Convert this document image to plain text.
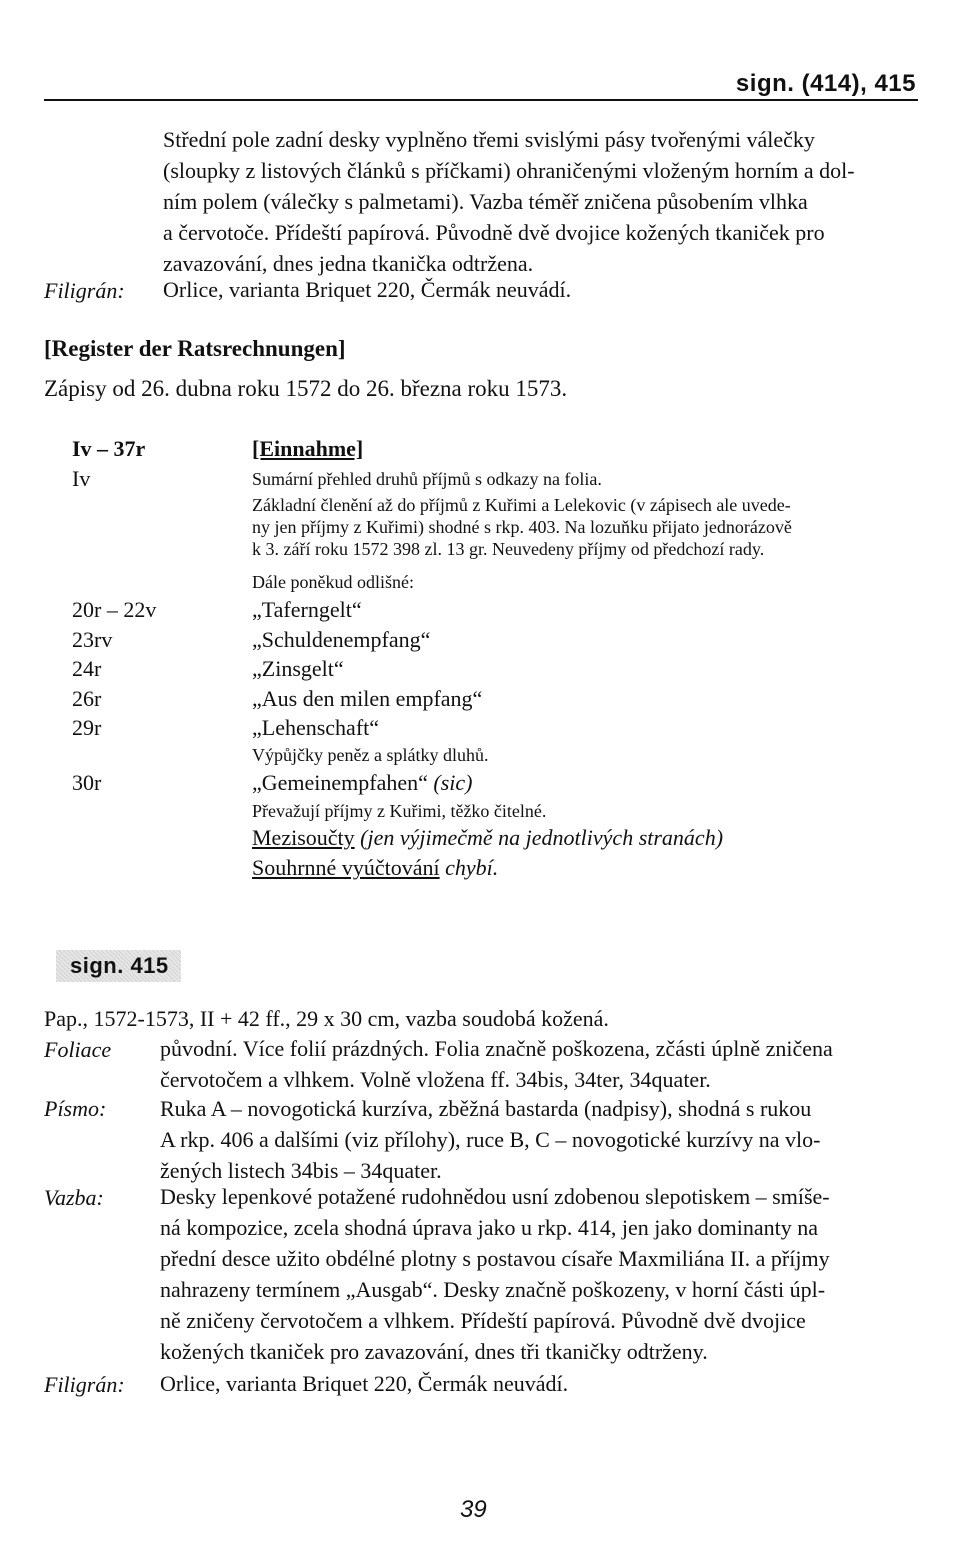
sign. (414), 415
Střední pole zadní desky vyplněno třemi svislými pásy tvořenými válečky
(sloupky z listových článků s příčkami) ohraničenými vloženým horním a dol-
ním polem (válečky s palmetami). Vazba téměř zničena působením vlhka
a červotoče. Přídeští papírová. Původně dvě dvojice kožených tkaniček pro
zavazování, dnes jedna tkanička odtržena.
Filigrán: Orlice, varianta Briquet 220, Čermák neuvádí.
[Register der Ratsrechnungen]
Zápisy od 26. dubna roku 1572 do 26. března roku 1573.
Iv – 37r	[Einnahme]
Iv	Sumární přehled druhů příjmů s odkazy na folia.
Základní členění až do příjmů z Kuřimi a Lelekovic (v zápisech ale uvede-
ny jen příjmy z Kuřimi) shodné s rkp. 403. Na lozuňku přijato jednorázově
k 3. září roku 1572 398 zl. 13 gr. Neuvedeny příjmy od předchozí rady.
Dále poněkud odlišné:
20r – 22v	„Taferngelt“
23rv	„Schuldenempfang“
24r	„Zinsgelt“
26r	„Aus den milen empfang“
29r	„Lehenschaft“
Výpůjčky peněz a splátky dluhů.
30r	„Gemeinempfahen“ (sic)
Převažují příjmy z Kuřimi, těžko čitelné.
Mezisoučty (jen výjimečmě na jednotlivých stranách)
Souhrnné vyúčtování chybí.
sign. 415
Pap., 1572-1573, II + 42 ff., 29 x 30 cm, vazba soudobá kožená.
Foliace původní. Více folií prázdných. Folia značně poškozena, zčásti úplně zničena
červotočem a vlhkem. Volně vložena ff. 34bis, 34ter, 34quater.
Písmo: Ruka A – novogotická kurzíva, zběžná bastarda (nadpisy), shodná s rukou
A rkp. 406 a dalšími (viz přílohy), ruce B, C – novogotické kurzívy na vlo-
žených listech 34bis – 34quater.
Vazba:	Desky lepenkové potažené rudohnědou usní zdobenou slepotiskem – smíše-
ná kompozice, zcela shodná úprava jako u rkp. 414, jen jako dominanty na
přední desce užito obdélné plotny s postavou císaře Maxmiliána II. a příjmy
nahrazeny termínem „Ausgab“. Desky značně poškozeny, v horní části úpl-
ně zničeny červotočem a vlhkem. Přídeští papírová. Původně dvě dvojice
kožených tkaniček pro zavazování, dnes tři tkaničky odtrženy.
Filigrán: Orlice, varianta Briquet 220, Čermák neuvádí.
39
